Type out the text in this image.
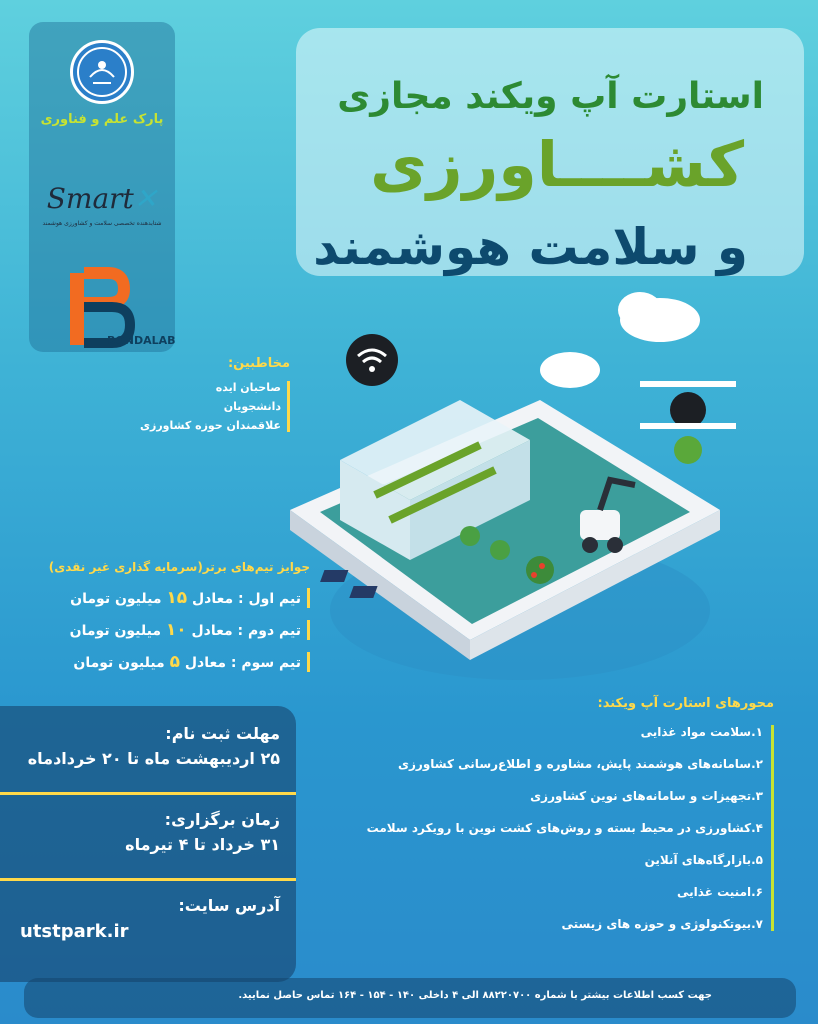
پارک علم و فناوری
Smart✕
شتابدهنده تخصصی سلامت و کشاورزی هوشمند
BONDALAB
استارت آپ ویکند مجازی
کشــــاورزی
و سلامت هوشمند
مخاطبین:
صاحبان ایده
دانشجویان
علاقمندان حوزه کشاورزی
جوایز تیم‌های برتر(سرمایه گذاری غیر نقدی)
تیم اول : معادل ۱۵ میلیون تومان
تیم دوم : معادل ۱۰ میلیون تومان
تیم سوم : معادل ۵ میلیون تومان
مهلت ثبت نام:
۲۵ اردیبهشت ماه تا ۲۰ خردادماه
زمان برگزاری:
۳۱ خرداد تا ۴ تیرماه
آدرس سایت:
utstpark.ir
محورهای استارت آپ ویکند:
۱.سلامت مواد غذایی
۲.سامانه‌های هوشمند پایش، مشاوره و اطلاع‌رسانی کشاورزی
۳.تجهیزات و سامانه‌های نوین کشاورزی
۴.کشاورزی در محیط بسته و روش‌های کشت نوین با رویکرد سلامت
۵.بازارگاه‌های آنلاین
۶.امنیت غذایی
۷.بیوتکنولوژی و حوزه های زیستی
جهت کسب اطلاعات بیشتر با شماره ۸۸۲۲۰۷۰۰ الی ۴ داخلی ۱۴۰ - ۱۵۴ - ۱۶۴ تماس حاصل نمایید.
